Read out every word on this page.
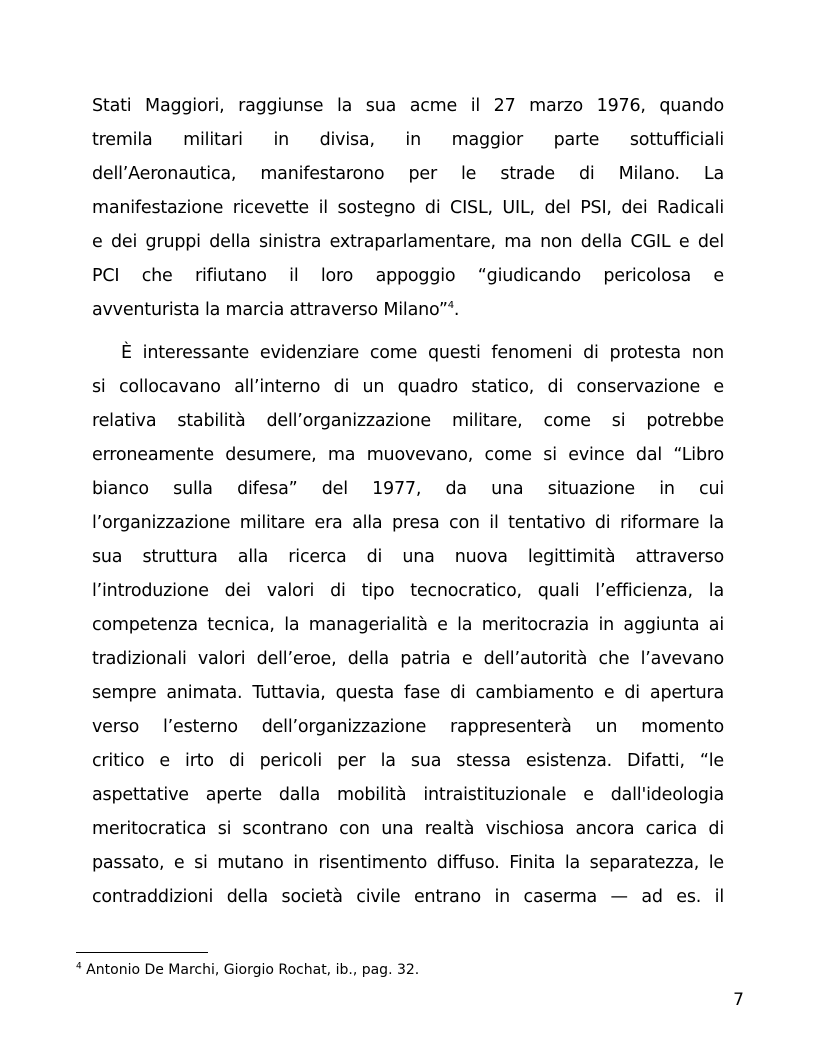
Stati Maggiori, raggiunse la sua acme il 27 marzo 1976, quando
tremila militari in divisa, in maggior parte sottufficiali
dell’Aeronautica, manifestarono per le strade di Milano. La
manifestazione ricevette il sostegno di CISL, UIL, del PSI, dei Radicali
e dei gruppi della sinistra extraparlamentare, ma non della CGIL e del
PCI che rifiutano il loro appoggio “giudicando pericolosa e
avventurista la marcia attraverso Milano”$^4$.
È interessante evidenziare come questi fenomeni di protesta non
si collocavano all’interno di un quadro statico, di conservazione e
relativa stabilità dell’organizzazione militare, come si potrebbe
erroneamente desumere, ma muovevano, come si evince dal “Libro
bianco sulla difesa” del 1977, da una situazione in cui
l’organizzazione militare era alla presa con il tentativo di riformare la
sua struttura alla ricerca di una nuova legittimità attraverso
l’introduzione dei valori di tipo tecnocratico, quali l’efficienza, la
competenza tecnica, la managerialità e la meritocrazia in aggiunta ai
tradizionali valori dell’eroe, della patria e dell’autorità che l’avevano
sempre animata. Tuttavia, questa fase di cambiamento e di apertura
verso l’esterno dell’organizzazione rappresenterà un momento
critico e irto di pericoli per la sua stessa esistenza. Difatti, “le
aspettative aperte dalla mobilità intraistituzionale e dall'ideologia
meritocratica si scontrano con una realtà vischiosa ancora carica di
passato, e si mutano in risentimento diffuso. Finita la separatezza, le
contraddizioni della società civile entrano in caserma — ad es. il
$^4$ Antonio De Marchi, Giorgio Rochat, ib., pag. 32.
7
